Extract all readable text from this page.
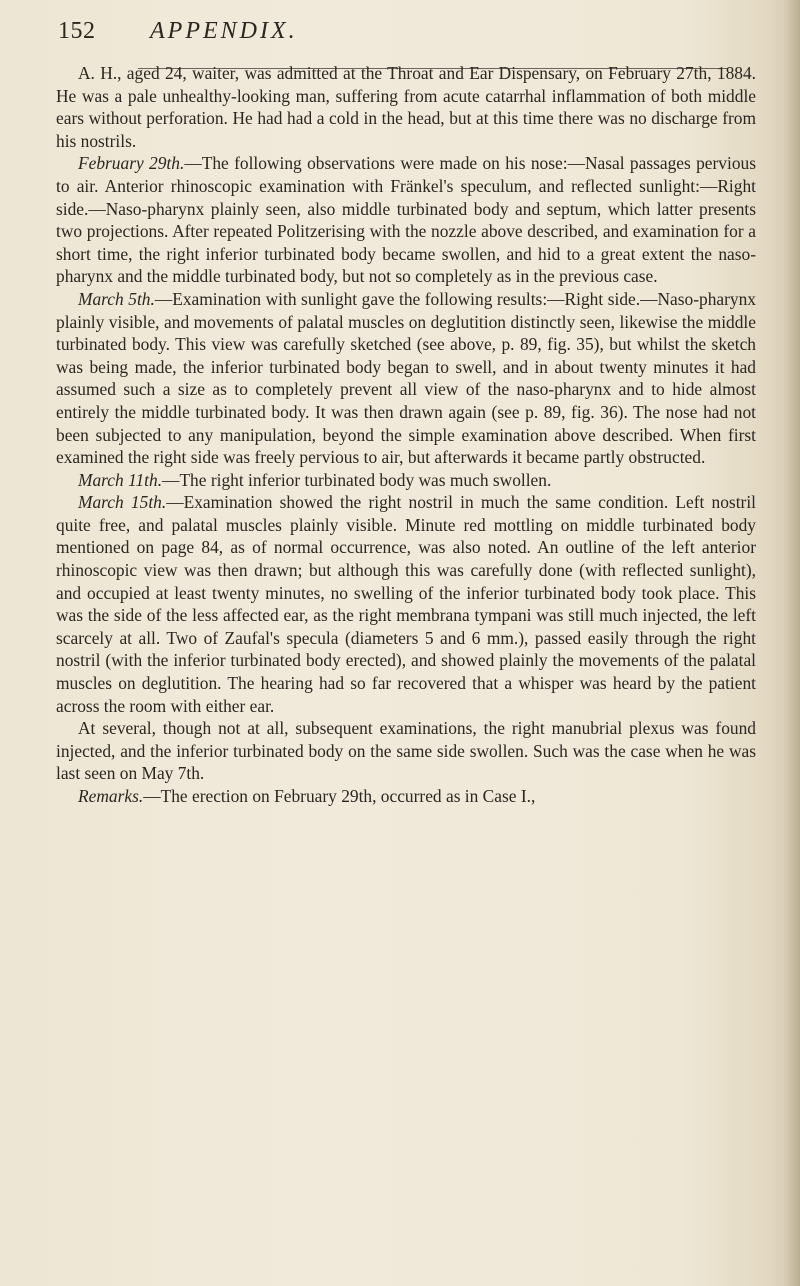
152 APPENDIX.

A. H., aged 24, waiter, was admitted at the Throat and Ear Dispensary, on February 27th, 1884. He was a pale unhealthy-looking man, suffering from acute catarrhal inflammation of both middle ears without perforation. He had had a cold in the head, but at this time there was no discharge from his nostrils.

February 29th.—The following observations were made on his nose:—Nasal passages pervious to air. Anterior rhinoscopic examination with Fränkel's speculum, and reflected sunlight:—Right side.—Naso-pharynx plainly seen, also middle turbinated body and septum, which latter presents two projections. After repeated Politzerising with the nozzle above described, and examination for a short time, the right inferior turbinated body became swollen, and hid to a great extent the naso-pharynx and the middle turbinated body, but not so completely as in the previous case.

March 5th.—Examination with sunlight gave the following results:—Right side.—Naso-pharynx plainly visible, and movements of palatal muscles on deglutition distinctly seen, likewise the middle turbinated body. This view was carefully sketched (see above, p. 89, fig. 35), but whilst the sketch was being made, the inferior turbinated body began to swell, and in about twenty minutes it had assumed such a size as to completely prevent all view of the naso-pharynx and to hide almost entirely the middle turbinated body. It was then drawn again (see p. 89, fig. 36). The nose had not been subjected to any manipulation, beyond the simple examination above described. When first examined the right side was freely pervious to air, but afterwards it became partly obstructed.

March 11th.—The right inferior turbinated body was much swollen.

March 15th.—Examination showed the right nostril in much the same condition. Left nostril quite free, and palatal muscles plainly visible. Minute red mottling on middle turbinated body mentioned on page 84, as of normal occurrence, was also noted. An outline of the left anterior rhinoscopic view was then drawn; but although this was carefully done (with reflected sunlight), and occupied at least twenty minutes, no swelling of the inferior turbinated body took place. This was the side of the less affected ear, as the right membrana tympani was still much injected, the left scarcely at all. Two of Zaufal's specula (diameters 5 and 6 mm.), passed easily through the right nostril (with the inferior turbinated body erected), and showed plainly the movements of the palatal muscles on deglutition. The hearing had so far recovered that a whisper was heard by the patient across the room with either ear.

At several, though not at all, subsequent examinations, the right manubrial plexus was found injected, and the inferior turbinated body on the same side swollen. Such was the case when he was last seen on May 7th.

Remarks.—The erection on February 29th, occurred as in Case I.,
